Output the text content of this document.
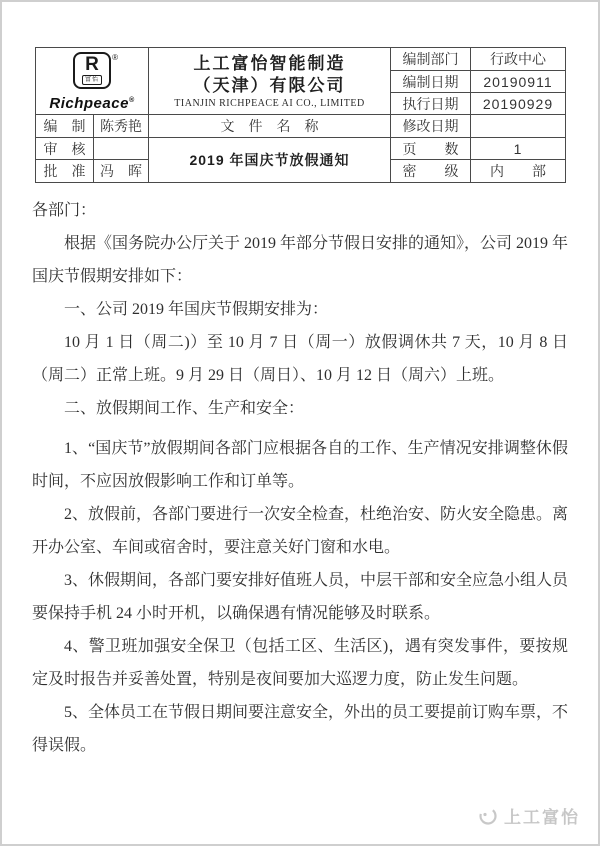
R
富怡
®
Richpeace®

上工富怡智能制造
（天津）有限公司
TIANJIN RICHPEACE AI CO., LIMITED
	编制部门	行政中心
			编制日期	20190911
			执行日期	20190929
编　制	陈秀艳	文　件　名　称	修改日期	
审　核		2019 年国庆节放假通知	页　　数	1
批　准	冯　晖		密　　级	内　　部

各部门：

根据《国务院办公厅关于 2019 年部分节假日安排的通知》，公司 2019 年国庆节假期安排如下：

一、公司 2019 年国庆节假期安排为：

10 月 1 日（周二)）至 10 月 7 日（周一）放假调休共 7 天，10 月 8 日（周二）正常上班。9 月 29 日（周日）、10 月 12 日（周六）上班。

二、放假期间工作、生产和安全：

1、“国庆节”放假期间各部门应根据各自的工作、生产情况安排调整休假时间，不应因放假影响工作和订单等。

2、放假前，各部门要进行一次安全检查，杜绝治安、防火安全隐患。离开办公室、车间或宿舍时，要注意关好门窗和水电。

3、休假期间，各部门要安排好值班人员，中层干部和安全应急小组人员要保持手机 24 小时开机，以确保遇有情况能够及时联系。

4、警卫班加强安全保卫（包括工区、生活区)，遇有突发事件，要按规定及时报告并妥善处置，特别是夜间要加大巡逻力度，防止发生问题。

5、全体员工在节假日期间要注意安全，外出的员工要提前订购车票，不得误假。

上工富怡
